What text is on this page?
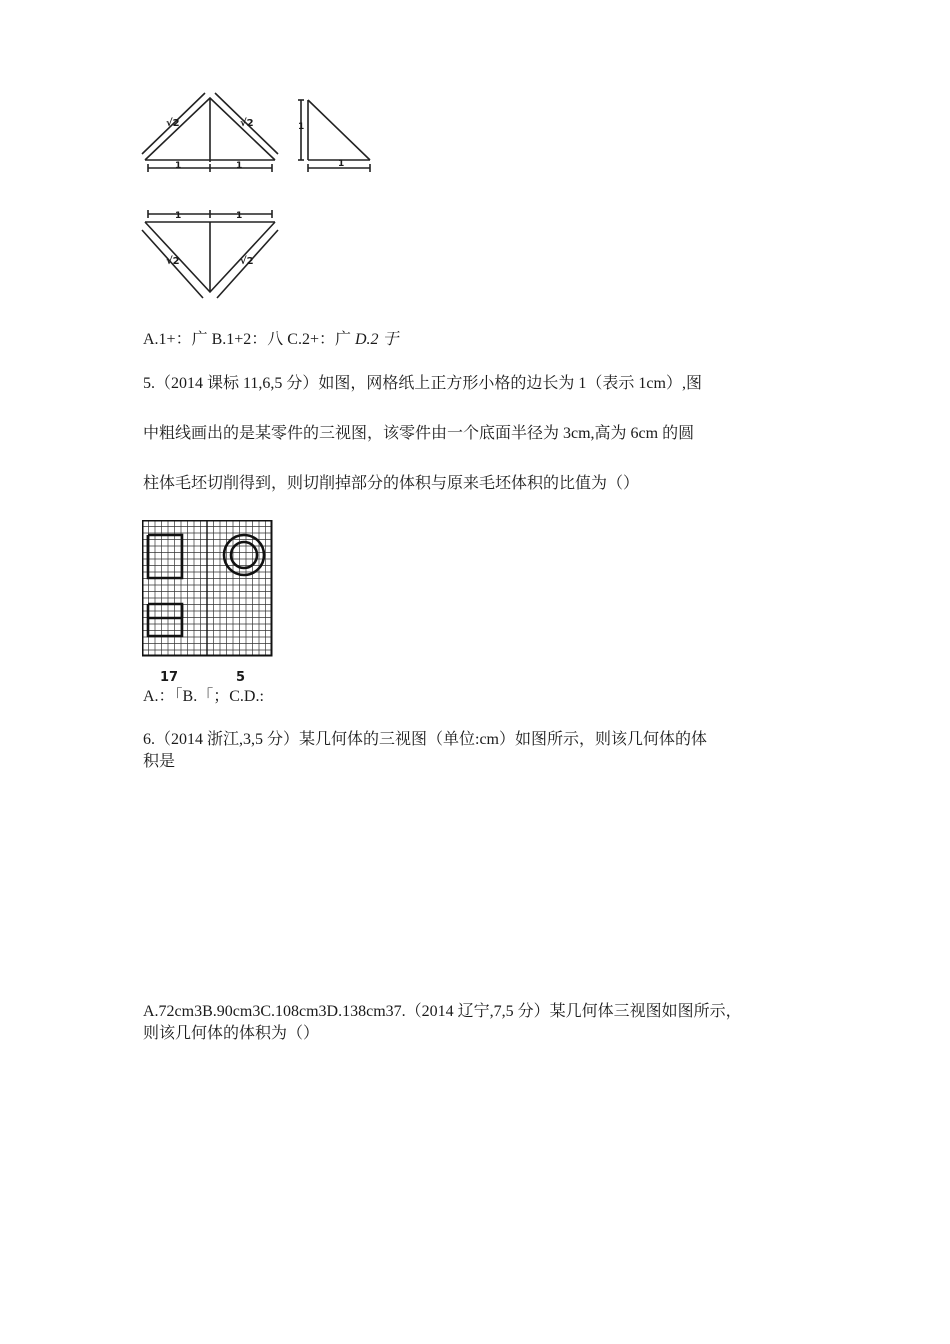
√2	√2
1	1
1
1
1	1
√2	√2
A.1+：广 B.1+2：八 C.2+：广 D.2 于
5.（2014 课标 11,6,5 分）如图，网格纸上正方形小格的边长为 1（表示 1cm）,图
中粗线画出的是某零件的三视图，该零件由一个底面半径为 3cm,高为 6cm 的圆
柱体毛坯切削得到，则切削掉部分的体积与原来毛坯体积的比值为（）
17	5
A.：「B.「；C.D.:
6.（2014 浙江,3,5 分）某几何体的三视图（单位:cm）如图所示，则该几何体的体
积是
A.72cm3B.90cm3C.108cm3D.138cm37.（2014 辽宁,7,5 分）某几何体三视图如图所示，
则该几何体的体积为（）
